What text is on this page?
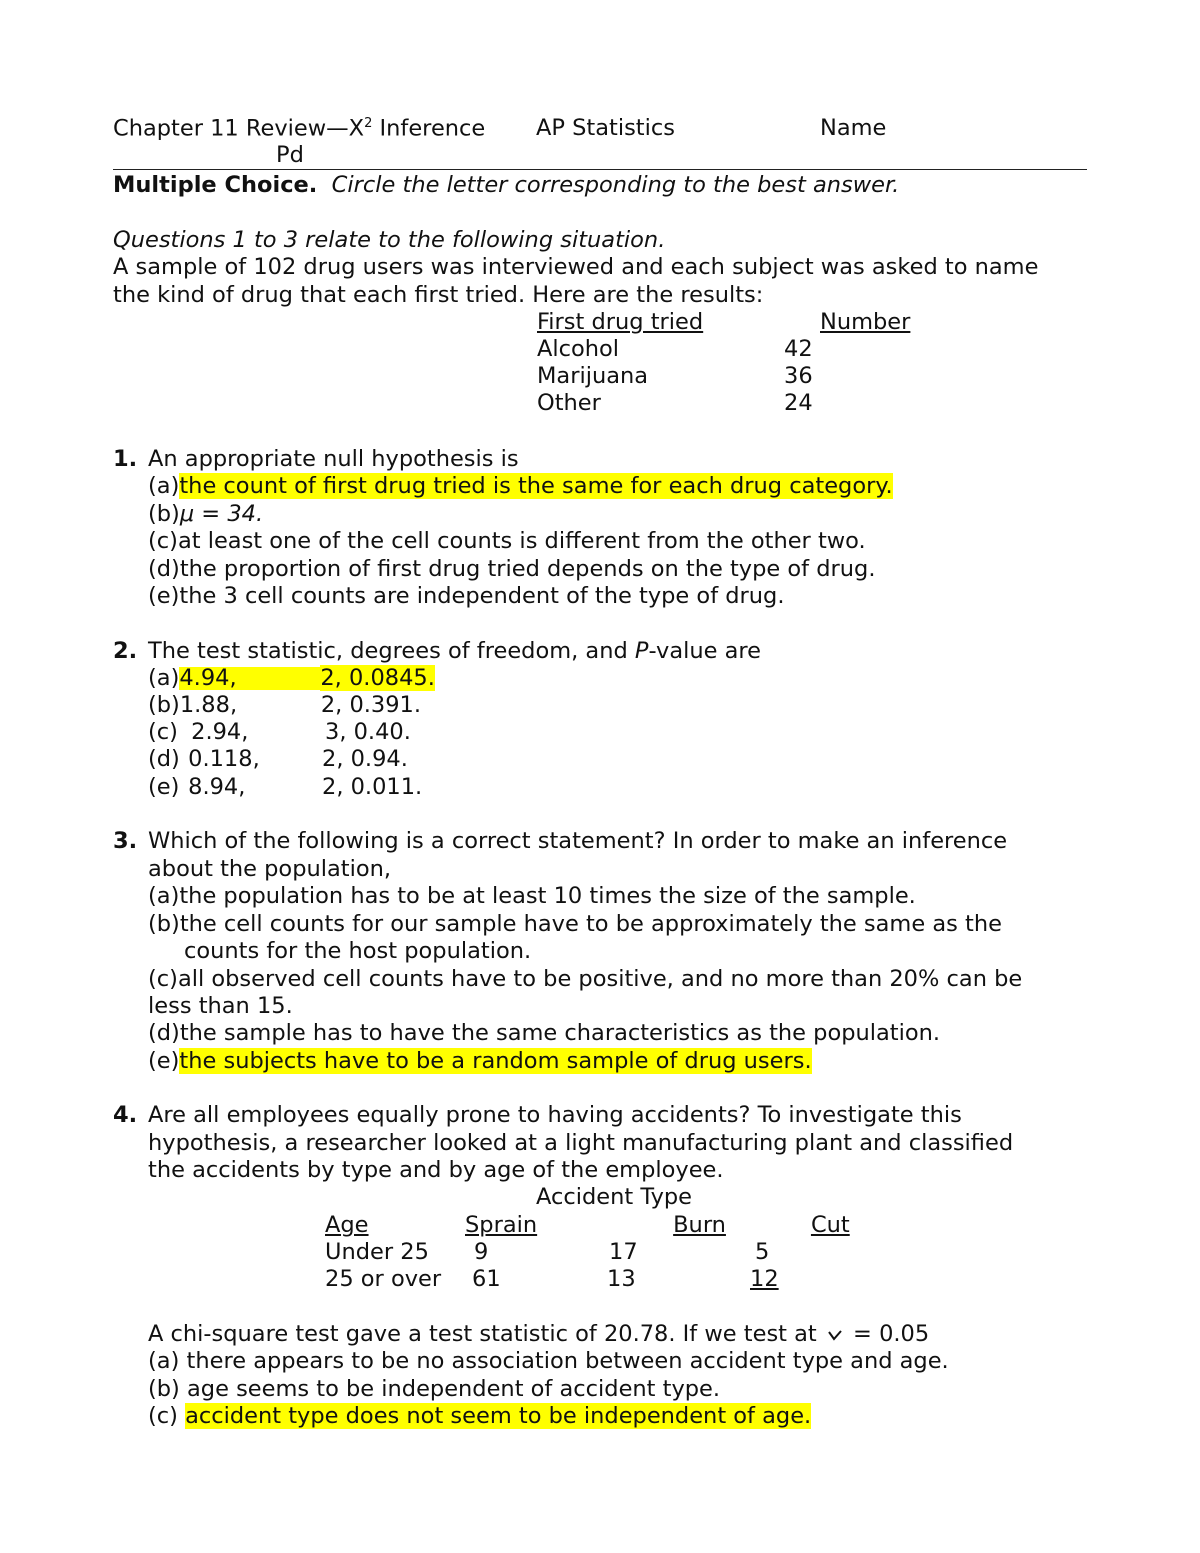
Chapter 11 $Review—X^2$ Inference AP Statistics	Name
Pd
Multiple Choice. Circle the letter corresponding to the best answer.
Questions 1 to 3 relate to the following situation.
A sample of 102 drug users was interviewed and each subject was asked to name
the kind of drug that each first tried. Here are the results:
First drug tried	Number
Alcohol	42
Marijuana	36
Other	24
1. An appropriate null hypothesis is
(a)the count of first drug tried is the same for each drug category.
(b)μ = 34.
(c)at least one of the cell counts is different from the other two.
(d)the proportion of first drug tried depends on the type of drug.
(e)the 3 cell counts are independent of the type of drug.
2. The test statistic, degrees of freedom, and P-value are
(a)4.94,	2, 0.0845.
(b)1.88,	2, 0.391.
(c) 2.94,	3, 0.40.
(d) 0.118,	2, 0.94.
(e) 8.94,	2, 0.011.
3. Which of the following is a correct statement? In order to make an inference
about the population,
(a)the population has to be at least 10 times the size of the sample.
(b)the cell counts for our sample have to be approximately the same as the
counts for the host population.
(c)all observed cell counts have to be positive, and no more than 20% can be
less than 15.
(d)the sample has to have the same characteristics as the population.
(e)the subjects have to be a random sample of drug users.
4. Are all employees equally prone to having accidents? To investigate this
hypothesis, a researcher looked at a light manufacturing plant and classified
the accidents by type and by age of the employee.
Accident Type
Age	Sprain	Burn	Cut
Under 25 9	17	5
25 or over 61	13	12
A chi-square test gave a test statistic of 20.78. If we test at  = 0.05
(a) there appears to be no association between accident type and age.
(b) age seems to be independent of accident type.
(c) accident type does not seem to be independent of age.
